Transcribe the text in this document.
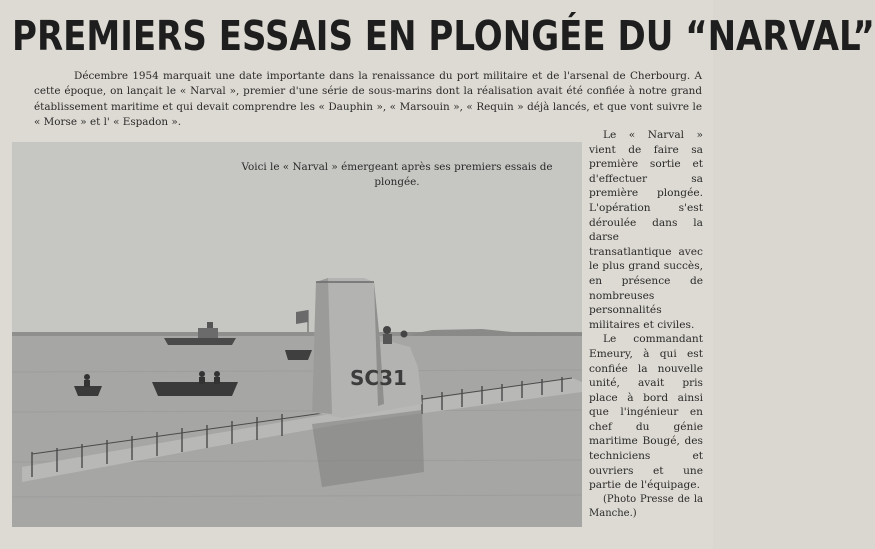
PREMIERS ESSAIS EN PLONGÉE DU “NARVAL”
Décembre 1954 marquait une date importante dans la renaissance du port militaire et de l'arsenal de Cherbourg. A cette époque, on lançait le « Narval », premier d'une série de sous-marins dont la réalisation avait été confiée à notre grand établissement maritime et qui devait comprendre les « Dauphin », « Marsouin », « Requin » déjà lancés, et que vont suivre le « Morse » et l' « Espadon ».
SC31
Voici le « Narval » émergeant après ses premiers essais de plongée.

Le « Narval » vient de faire sa première sortie et d'effectuer sa première plongée. L'opération s'est déroulée dans la darse transatlantique avec le plus grand succès, en présence de nombreuses personnalités militaires et civiles.

Le commandant Emeury, à qui est confiée la nouvelle unité, avait pris place à bord ainsi que l'ingénieur en chef du génie maritime Bougé, des techniciens et ouvriers et une partie de l'équipage.

(Photo Presse de la Manche.)
